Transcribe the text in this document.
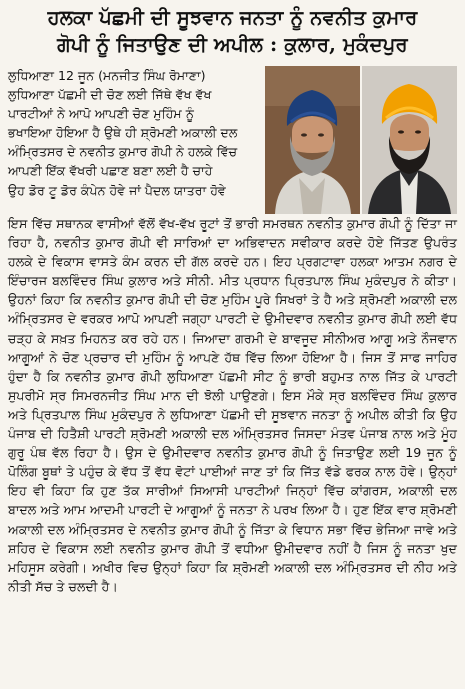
ਹਲਕਾ ਪੱਛਮੀ ਦੀ ਸੂਝਵਾਨ ਜਨਤਾ ਨੂੰ ਨਵਨੀਤ ਕੁਮਾਰ
ਗੋਪੀ ਨੂੰ ਜਿਤਾਉਣ ਦੀ ਅਪੀਲ : ਕੁਲਾਰ, ਮੁਕੰਦਪੁਰ

ਲੁਧਿਆਣਾ 12 ਜੂਨ (ਮਨਜੀਤ ਸਿੰਘ ਰੋਮਾਣਾ)

ਲੁਧਿਆਣਾ ਪੱਛਮੀ ਦੀ ਚੋਣ ਲਈ ਜਿੱਥੇ ਵੱਖ ਵੱਖ

ਪਾਰਟੀਆਂ ਨੇ ਆਪੋ ਆਪਣੀ ਚੋਣ ਮੁਹਿੰਮ ਨੂੰ

ਭਖਾਇਆ ਹੋਇਆ ਹੈ ਉਥੇ ਹੀ ਸ਼੍ਰੋਮਣੀ ਅਕਾਲੀ ਦਲ

ਅੰਮ੍ਰਿਤਸਰ ਦੇ ਨਵਨੀਤ ਕੁਮਾਰ ਗੋਪੀ ਨੇ ਹਲਕੇ ਵਿੱਚ

ਆਪਣੀ ਇੱਕ ਵੱਖਰੀ ਪਛਾਣ ਬਣਾ ਲਈ ਹੈ ਚਾਹੇ

ਉਹ ਡੋਰ ਟੂ ਡੋਰ ਕੰਪੇਨ ਹੋਵੇ ਜਾਂ ਪੈਦਲ ਯਾਤਰਾ ਹੋਵੇ

ਇਸ ਵਿੱਚ ਸਥਾਨਕ ਵਾਸੀਆਂ ਵੱਲੋਂ ਵੱਖ-ਵੱਖ ਰੂਟਾਂ ਤੋਂ ਭਾਰੀ ਸਮਰਥਨ ਨਵਨੀਤ ਕੁਮਾਰ ਗੋਪੀ ਨੂੰ ਦਿੱਤਾ ਜਾ ਰਿਹਾ ਹੈ, ਨਵਨੀਤ ਕੁਮਾਰ ਗੋਪੀ ਵੀ ਸਾਰਿਆਂ ਦਾ ਅਭਿਵਾਦਨ ਸਵੀਕਾਰ ਕਰਦੇ ਹੋਏ ਜਿੱਤਣ ਉਪਰੰਤ ਹਲਕੇ ਦੇ ਵਿਕਾਸ ਵਾਸਤੇ ਕੰਮ ਕਰਨ ਦੀ ਗੱਲ ਕਰਦੇ ਹਨ। ਇਹ ਪ੍ਰਗਟਾਵਾ ਹਲਕਾ ਆਤਮ ਨਗਰ ਦੇ ਇੰਚਾਰਜ ਬਲਵਿੰਦਰ ਸਿੰਘ ਕੁਲਾਰ ਅਤੇ ਸੀਨੀ. ਮੀਤ ਪ੍ਰਧਾਨ ਪ੍ਰਿਤਪਾਲ ਸਿੰਘ ਮੁਕੰਦਪੁਰ ਨੇ ਕੀਤਾ। ਉਹਨਾਂ ਕਿਹਾ ਕਿ ਨਵਨੀਤ ਕੁਮਾਰ ਗੋਪੀ ਦੀ ਚੋਣ ਮੁਹਿੰਮ ਪੂਰੇ ਸਿਖਰਾਂ ਤੇ ਹੈ ਅਤੇ ਸ਼੍ਰੋਮਣੀ ਅਕਾਲੀ ਦਲ ਅੰਮ੍ਰਿਤਸਰ ਦੇ ਵਰਕਰ ਆਪੋ ਆਪਣੀ ਜਗ੍ਹਾ ਪਾਰਟੀ ਦੇ ਉਮੀਦਵਾਰ ਨਵਨੀਤ ਕੁਮਾਰ ਗੋਪੀ ਲਈ ਵੱਧ ਚੜ੍ਹ ਕੇ ਸਖ਼ਤ ਮਿਹਨਤ ਕਰ ਰਹੇ ਹਨ। ਜਿਆਦਾ ਗਰਮੀ ਦੇ ਬਾਵਜੂਦ ਸੀਨੀਅਰ ਆਗੂ ਅਤੇ ਨੌਜਵਾਨ ਆਗੂਆਂ ਨੇ ਚੋਣ ਪ੍ਰਚਾਰ ਦੀ ਮੁਹਿੰਮ ਨੂੰ ਆਪਣੇ ਹੱਥ ਵਿੱਚ ਲਿਆ ਹੋਇਆ ਹੈ। ਜਿਸ ਤੋਂ ਸਾਫ ਜਾਹਿਰ ਹੁੰਦਾ ਹੈ ਕਿ ਨਵਨੀਤ ਕੁਮਾਰ ਗੋਪੀ ਲੁਧਿਆਣਾ ਪੱਛਮੀ ਸੀਟ ਨੂੰ ਭਾਰੀ ਬਹੁਮਤ ਨਾਲ ਜਿੱਤ ਕੇ ਪਾਰਟੀ ਸੁਪਰੀਮੋ ਸ੍ਰ ਸਿਮਰਨਜੀਤ ਸਿੰਘ ਮਾਨ ਦੀ ਝੋਲੀ ਪਾਉਣਗੇ। ਇਸ ਮੌਕੇ ਸ੍ਰ ਬਲਵਿੰਦਰ ਸਿੰਘ ਕੁਲਾਰ ਅਤੇ ਪ੍ਰਿਤਪਾਲ ਸਿੰਘ ਮੁਕੰਦਪੁਰ ਨੇ ਲੁਧਿਆਣਾ ਪੱਛਮੀ ਦੀ ਸੂਝਵਾਨ ਜਨਤਾ ਨੂੰ ਅਪੀਲ ਕੀਤੀ ਕਿ ਉਹ ਪੰਜਾਬ ਦੀ ਹਿਤੈਸ਼ੀ ਪਾਰਟੀ ਸ਼੍ਰੋਮਣੀ ਅਕਾਲੀ ਦਲ ਅੰਮ੍ਰਿਤਸਰ ਜਿਸਦਾ ਮੰਤਵ ਪੰਜਾਬ ਨਾਲ ਅਤੇ ਮੂੰਹ ਗੁਰੂ ਪੰਥ ਵੱਲ ਰਿਹਾ ਹੈ। ਉਸ ਦੇ ਉਮੀਦਵਾਰ ਨਵਨੀਤ ਕੁਮਾਰ ਗੋਪੀ ਨੂੰ ਜਿਤਾਉਣ ਲਈ 19 ਜੂਨ ਨੂੰ ਪੋਲਿੰਗ ਬੂਥਾਂ ਤੇ ਪਹੁੰਚ ਕੇ ਵੱਧ ਤੋਂ ਵੱਧ ਵੋਟਾਂ ਪਾਈਆਂ ਜਾਣ ਤਾਂ ਕਿ ਜਿੱਤ ਵੱਡੇ ਫਰਕ ਨਾਲ ਹੋਵੇ। ਉਨ੍ਹਾਂ ਇਹ ਵੀ ਕਿਹਾ ਕਿ ਹੁਣ ਤੱਕ ਸਾਰੀਆਂ ਸਿਆਸੀ ਪਾਰਟੀਆਂ ਜਿਨ੍ਹਾਂ ਵਿੱਚ ਕਾਂਗਰਸ, ਅਕਾਲੀ ਦਲ ਬਾਦਲ ਅਤੇ ਆਮ ਆਦਮੀ ਪਾਰਟੀ ਦੇ ਆਗੂਆਂ ਨੂੰ ਜਨਤਾ ਨੇ ਪਰਖ ਲਿਆ ਹੈ। ਹੁਣ ਇੱਕ ਵਾਰ ਸ਼੍ਰੋਮਣੀ ਅਕਾਲੀ ਦਲ ਅੰਮ੍ਰਿਤਸਰ ਦੇ ਨਵਨੀਤ ਕੁਮਾਰ ਗੋਪੀ ਨੂੰ ਜਿੱਤਾ ਕੇ ਵਿਧਾਨ ਸਭਾ ਵਿੱਚ ਭੇਜਿਆ ਜਾਵੇ ਅਤੇ ਸ਼ਹਿਰ ਦੇ ਵਿਕਾਸ ਲਈ ਨਵਨੀਤ ਕੁਮਾਰ ਗੋਪੀ ਤੋਂ ਵਧੀਆ ਉਮੀਦਵਾਰ ਨਹੀਂ ਹੈ ਜਿਸ ਨੂੰ ਜਨਤਾ ਖੁਦ ਮਹਿਸੂਸ ਕਰੇਗੀ। ਅਖੀਰ ਵਿਚ ਉਨ੍ਹਾਂ ਕਿਹਾ ਕਿ ਸ਼੍ਰੋਮਣੀ ਅਕਾਲੀ ਦਲ ਅੰਮ੍ਰਿਤਸਰ ਦੀ ਨੀਹ ਅਤੇ ਨੀਤੀ ਸੱਚ ਤੇ ਚਲਦੀ ਹੈ।
